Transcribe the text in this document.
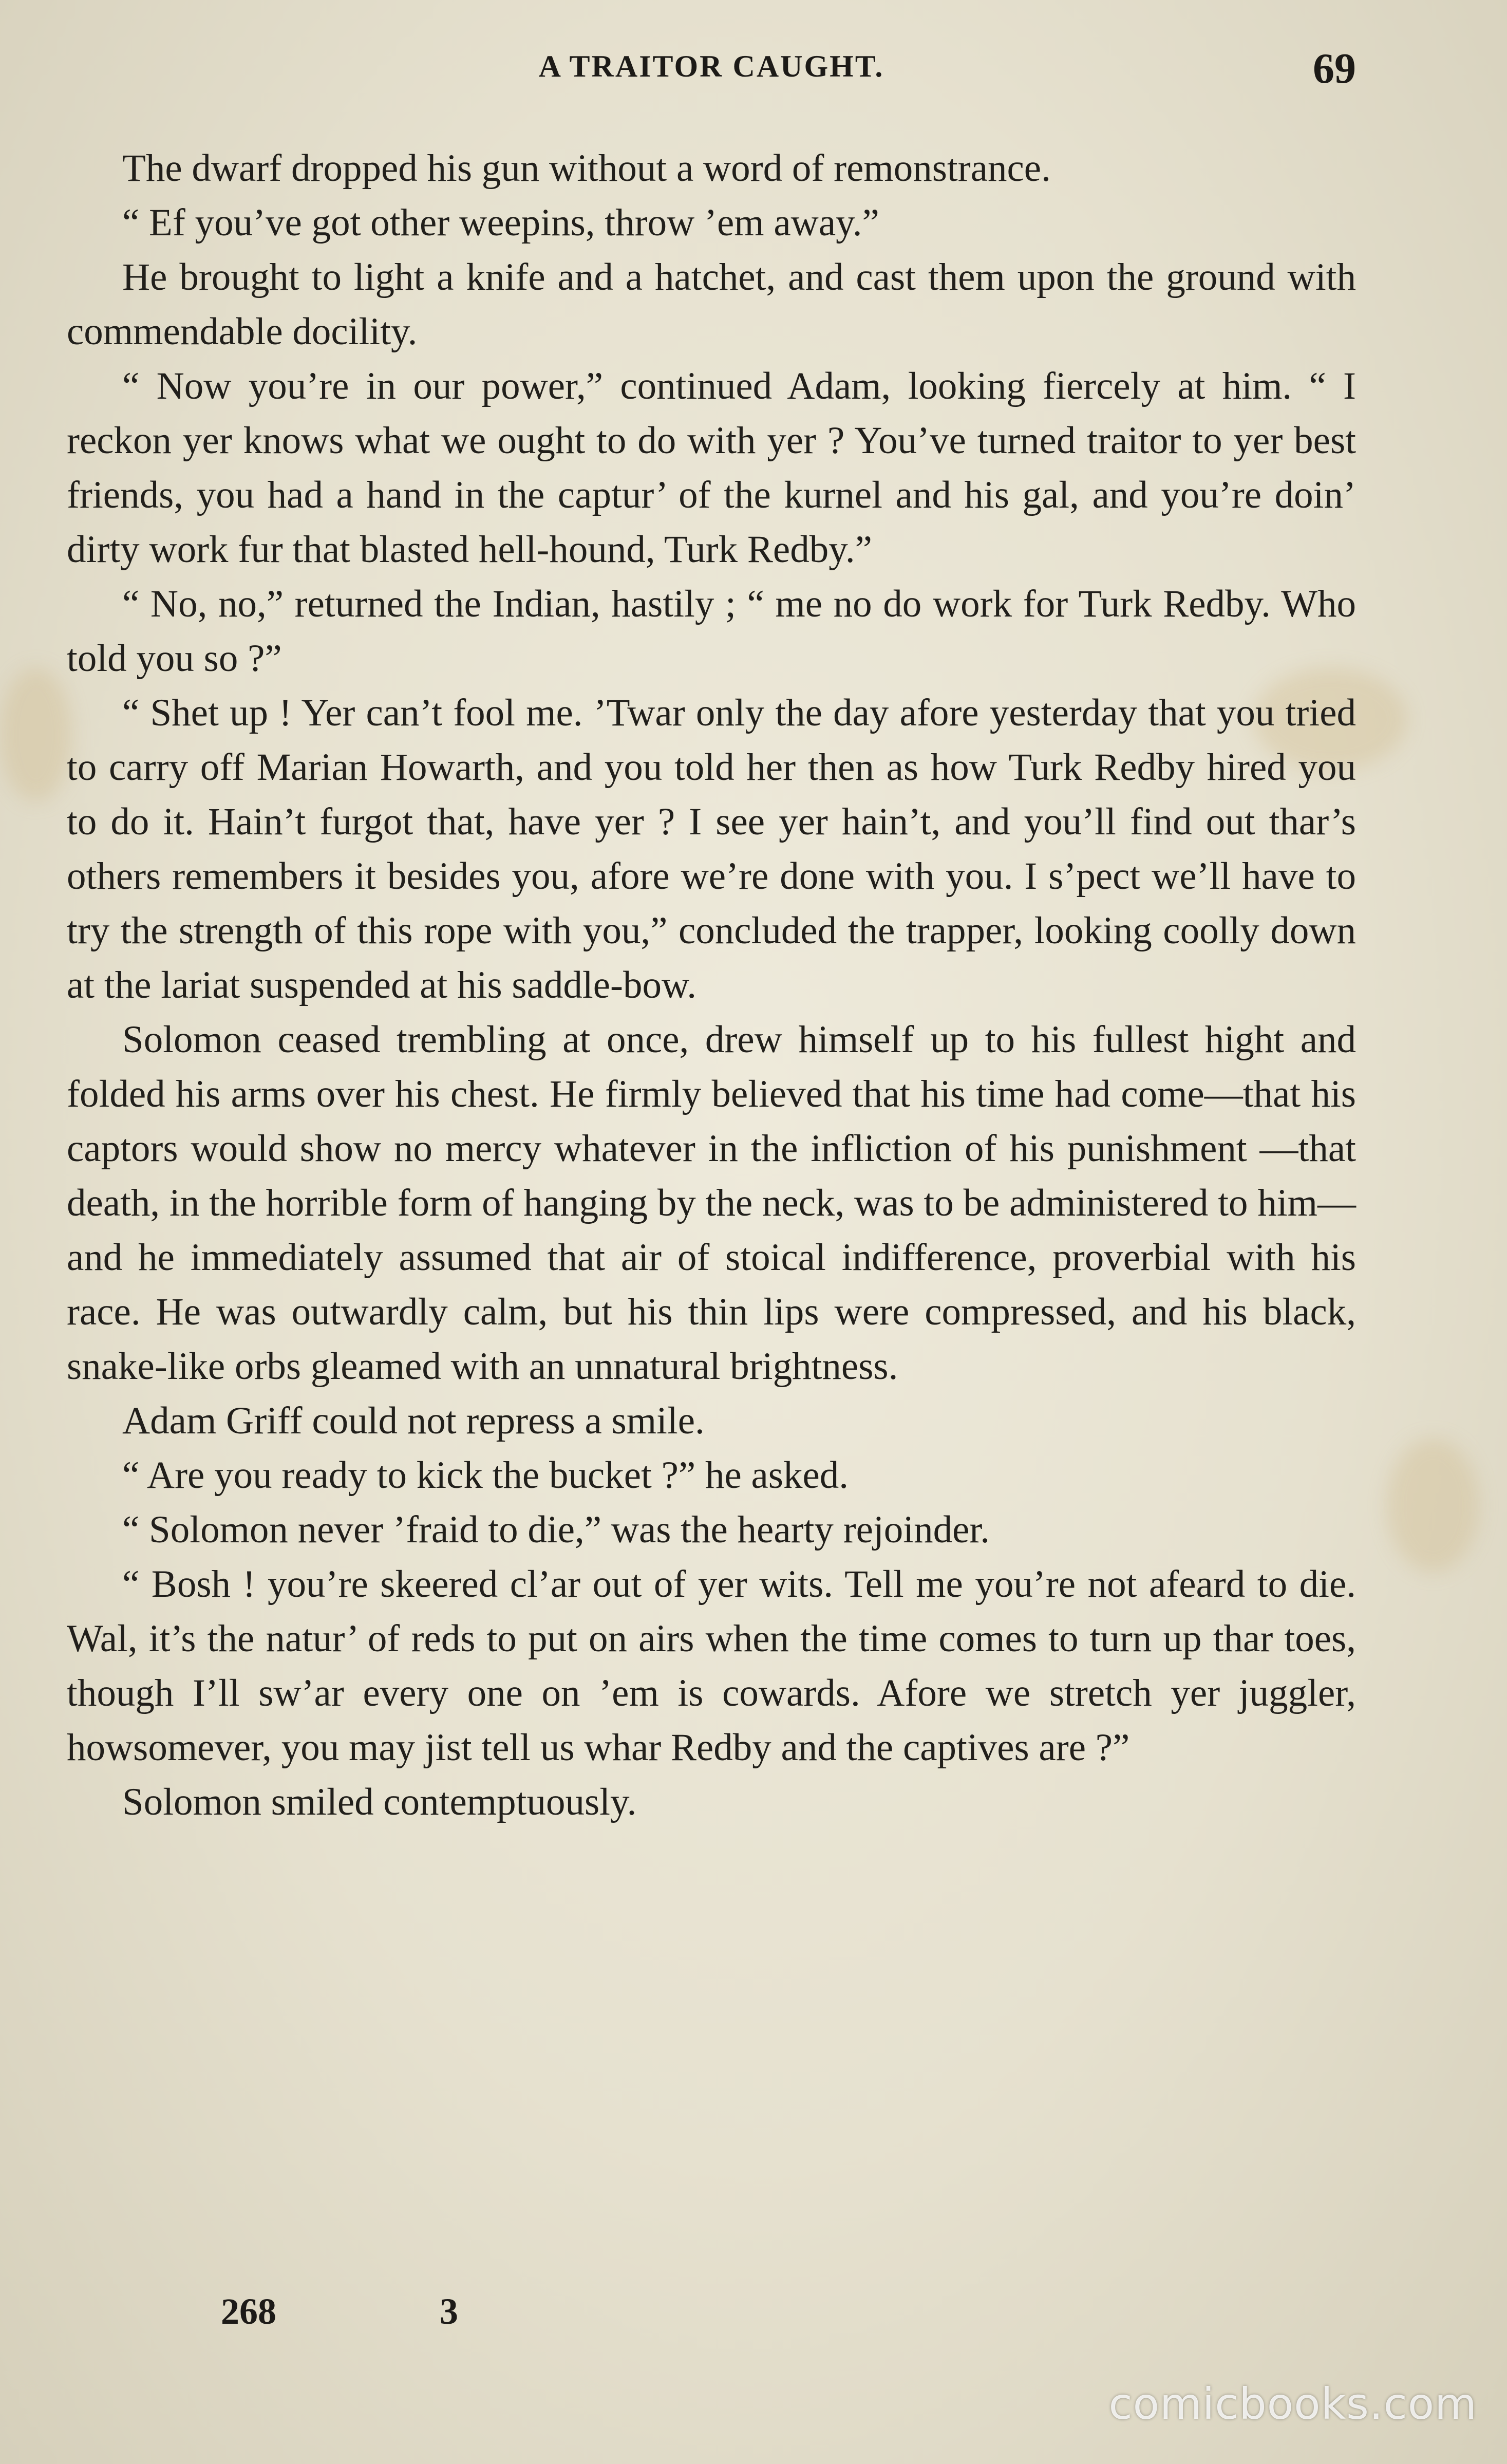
A TRAITOR CAUGHT.	69

The dwarf dropped his gun without a word of remonstrance.

“ Ef you’ve got other weepins, throw ’em away.”

He brought to light a knife and a hatchet, and cast them upon the ground with commendable docility.

“ Now you’re in our power,” continued Adam, looking fiercely at him. “ I reckon yer knows what we ought to do with yer ? You’ve turned traitor to yer best friends, you had a hand in the captur’ of the kurnel and his gal, and you’re doin’ dirty work fur that blasted hell-hound, Turk Redby.”

“ No, no,” returned the Indian, hastily ; “ me no do work for Turk Redby. Who told you so ?”

“ Shet up ! Yer can’t fool me. ’Twar only the day afore yesterday that you tried to carry off Marian Howarth, and you told her then as how Turk Redby hired you to do it. Hain’t furgot that, have yer ? I see yer hain’t, and you’ll find out thar’s others remembers it besides you, afore we’re done with you. I s’pect we’ll have to try the strength of this rope with you,” concluded the trapper, looking coolly down at the lariat suspended at his saddle-bow.

Solomon ceased trembling at once, drew himself up to his fullest hight and folded his arms over his chest. He firmly believed that his time had come—that his captors would show no mercy whatever in the infliction of his punishment —that death, in the horrible form of hanging by the neck, was to be administered to him—and he immediately assumed that air of stoical indifference, proverbial with his race. He was outwardly calm, but his thin lips were compressed, and his black, snake-like orbs gleamed with an unnatural brightness.

Adam Griff could not repress a smile.

“ Are you ready to kick the bucket ?” he asked.

“ Solomon never ’fraid to die,” was the hearty rejoinder.

“ Bosh ! you’re skeered cl’ar out of yer wits. Tell me you’re not afeard to die. Wal, it’s the natur’ of reds to put on airs when the time comes to turn up thar toes, though I’ll sw’ar every one on ’em is cowards. Afore we stretch yer juggler, howsomever, you may jist tell us whar Redby and the captives are ?”

Solomon smiled contemptuously.

268	3
comicbooks.com
